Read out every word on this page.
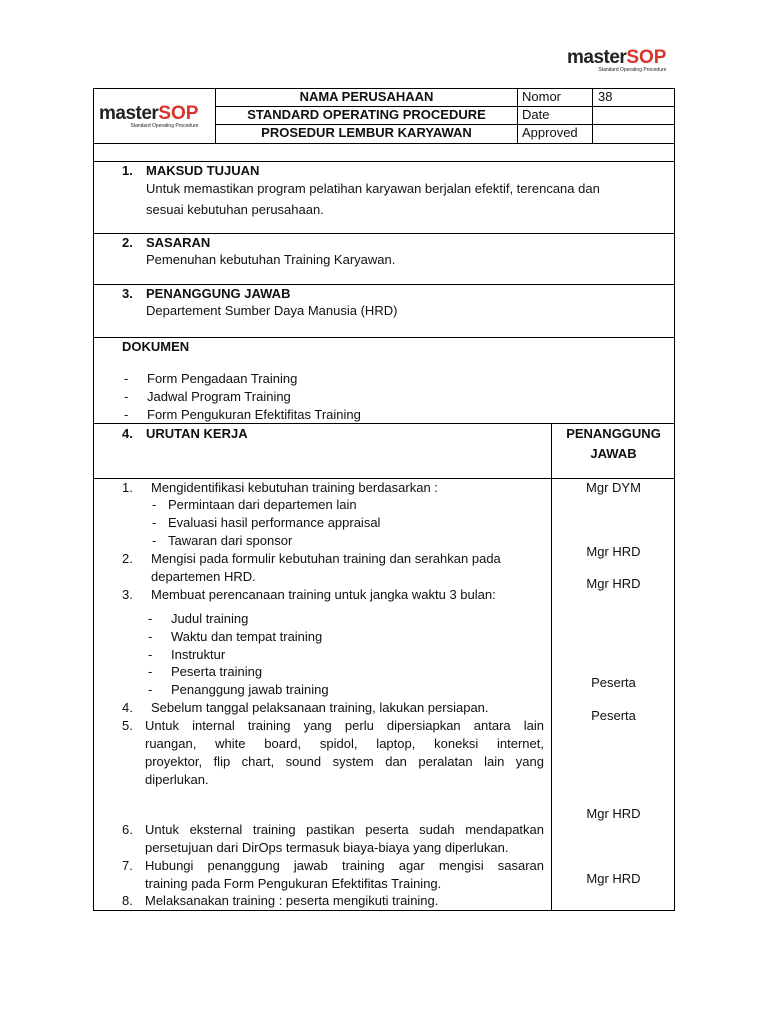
masterSOP
Standard Operating Procedure
masterSOP
Standard Operating Procedure
NAMA PERUSAHAAN
STANDARD OPERATING PROCEDURE
PROSEDUR LEMBUR KARYAWAN
Nomor	38
Date
Approved
1. MAKSUD TUJUAN
Untuk memastikan program pelatihan karyawan berjalan efektif, terencana dan
sesuai kebutuhan perusahaan.
2. SASARAN
Pemenuhan kebutuhan Training Karyawan.
3. PENANGGUNG JAWAB
Departement Sumber Daya Manusia (HRD)
DOKUMEN
- Form Pengadaan Training
- Jadwal Program Training
- Form Pengukuran Efektifitas Training
4. URUTAN KERJA	PENANGGUNG
JAWAB
1. Mengidentifikasi kebutuhan training berdasarkan :
- Permintaan dari departemen lain
- Evaluasi hasil performance appraisal
- Tawaran dari sponsor
2. Mengisi pada formulir kebutuhan training dan serahkan pada
departemen HRD.
3. Membuat perencanaan training untuk jangka waktu 3 bulan:
- Judul training
- Waktu dan tempat training
- Instruktur
- Peserta training
- Penanggung jawab training
4. Sebelum tanggal pelaksanaan training, lakukan persiapan.
5. Untuk internal training yang perlu dipersiapkan antara lain
ruangan, white board, spidol, laptop, koneksi internet,
proyektor, flip chart, sound system dan peralatan lain yang
diperlukan.
6. Untuk eksternal training pastikan peserta sudah mendapatkan
persetujuan dari DirOps termasuk biaya-biaya yang diperlukan.
7. Hubungi penanggung jawab training agar mengisi sasaran
training pada Form Pengukuran Efektifitas Training.
8. Melaksanakan training : peserta mengikuti training.
Mgr DYM
Mgr HRD
Mgr HRD
Peserta
Peserta
Mgr HRD
Mgr HRD
